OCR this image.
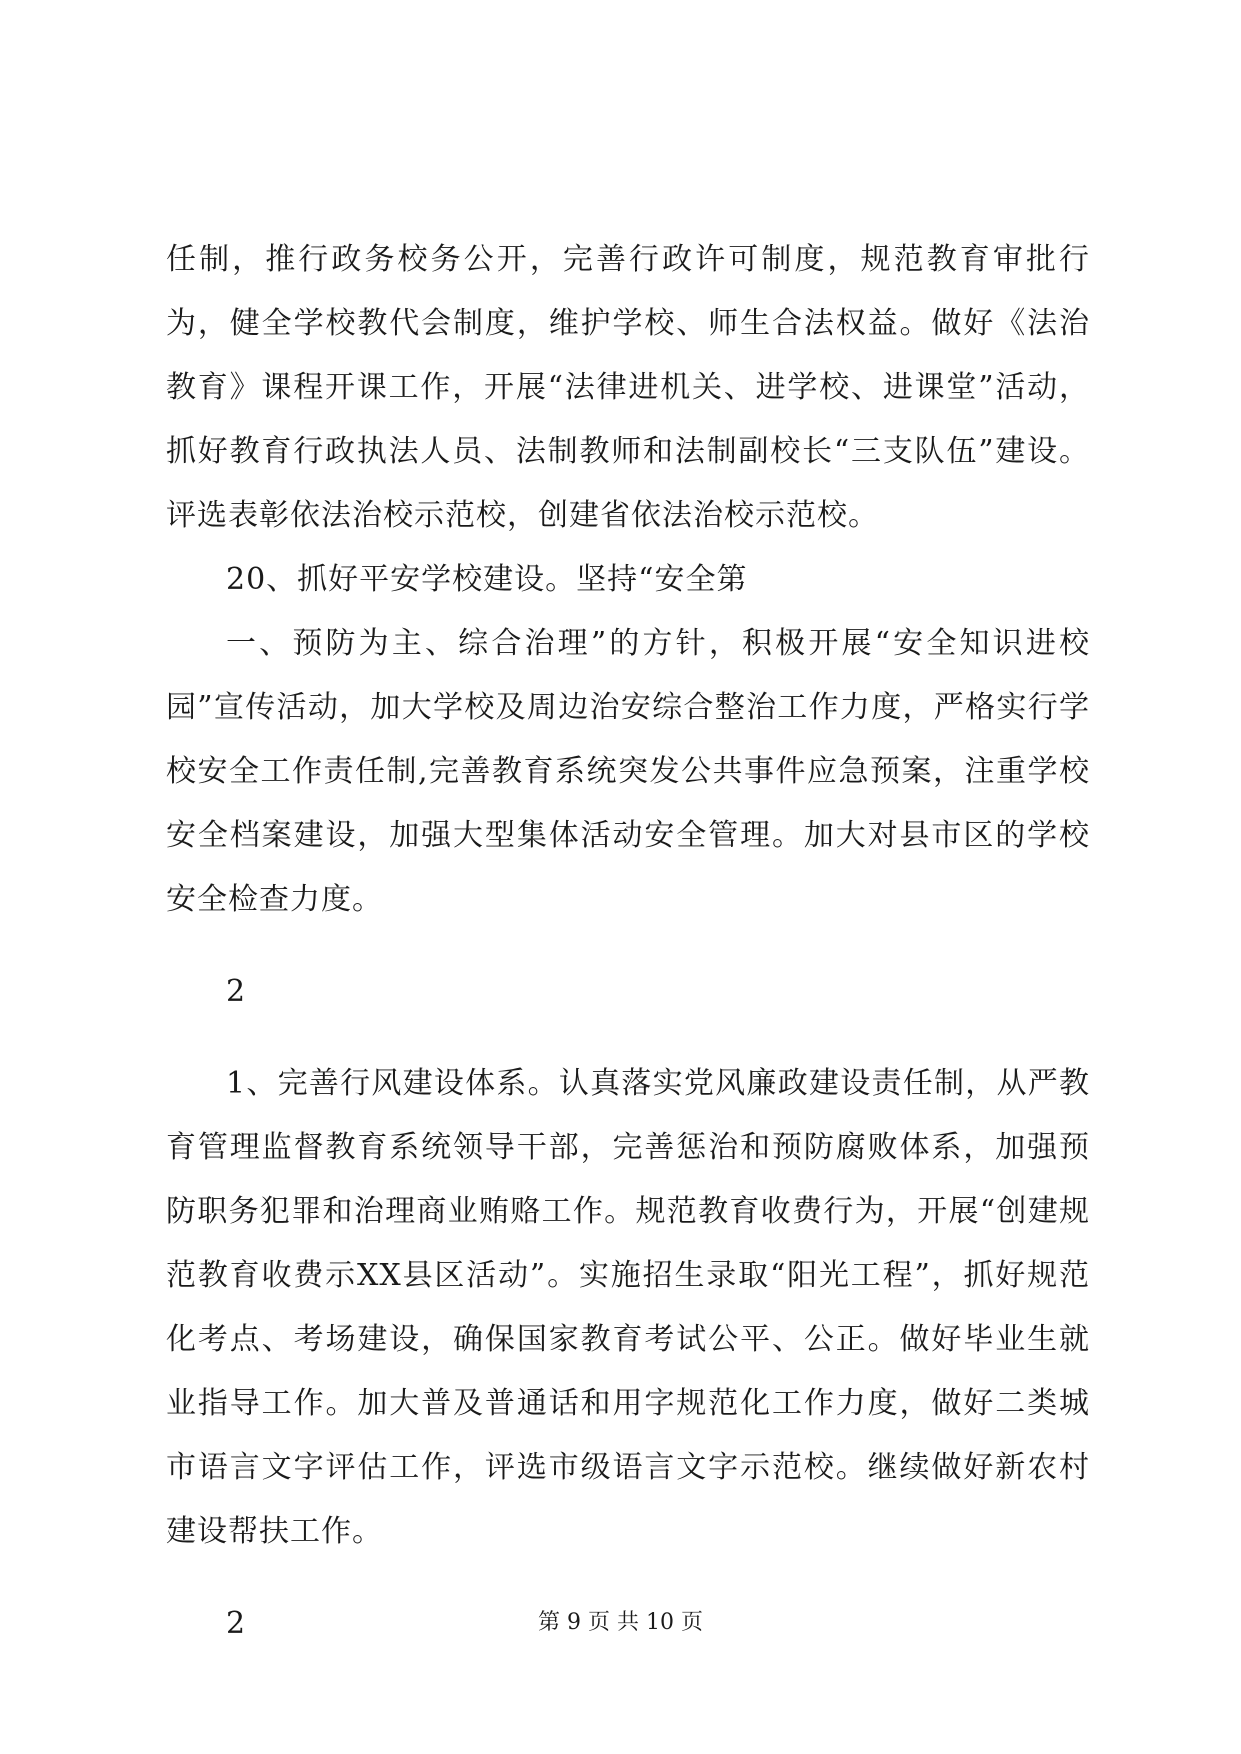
任制，推行政务校务公开，完善行政许可制度，规范教育审批行为，健全学校教代会制度，维护学校、师生合法权益。做好《法治教育》课程开课工作，开展“法律进机关、进学校、进课堂”活动，抓好教育行政执法人员、法制教师和法制副校长“三支队伍”建设。评选表彰依法治校示范校，创建省依法治校示范校。

20、抓好平安学校建设。坚持“安全第

一、预防为主、综合治理”的方针，积极开展“安全知识进校园”宣传活动，加大学校及周边治安综合整治工作力度，严格实行学校安全工作责任制,完善教育系统突发公共事件应急预案，注重学校安全档案建设，加强大型集体活动安全管理。加大对县市区的学校安全检查力度。

2

1、完善行风建设体系。认真落实党风廉政建设责任制，从严教育管理监督教育系统领导干部，完善惩治和预防腐败体系，加强预防职务犯罪和治理商业贿赂工作。规范教育收费行为，开展“创建规范教育收费示XX县区活动”。实施招生录取“阳光工程”，抓好规范化考点、考场建设，确保国家教育考试公平、公正。做好毕业生就业指导工作。加大普及普通话和用字规范化工作力度，做好二类城市语言文字评估工作，评选市级语言文字示范校。继续做好新农村建设帮扶工作。

2	第 9 页 共 10 页
